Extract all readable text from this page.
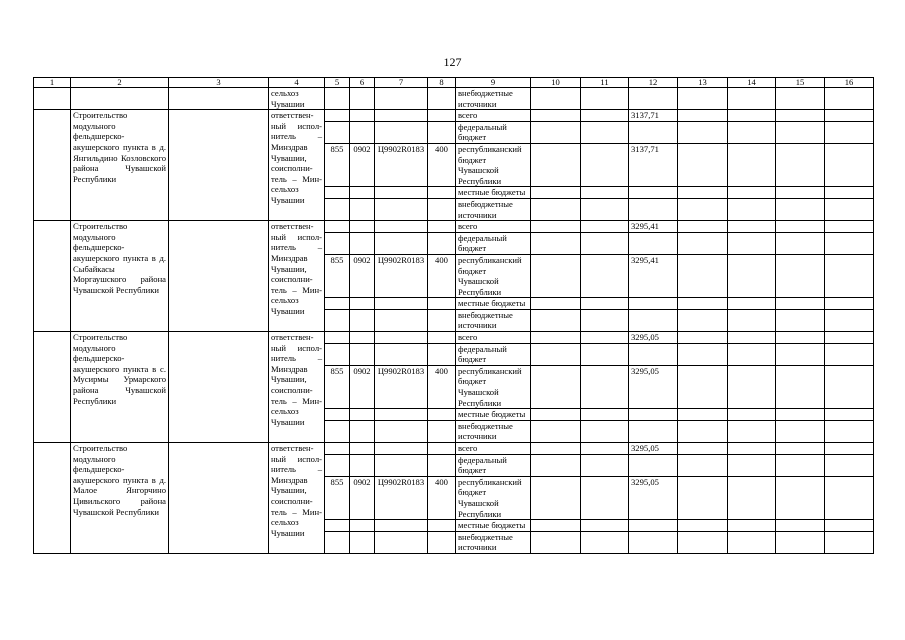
127
1	2	3	4	5	6	7	8	9	10	11	12	13	14	15	16
			сельхоз Чувашии					внебюджетные источники							
	Строительство модульного фельдшерско-акушерского пункта в д. Янгильдино Козловского района Чувашской Республики		ответствен-ный испол-нитель – Минздрав Чувашии, соисполни-тель – Мин-сельхоз Чувашии					всего			3137,71				
								федеральный бюджет							
				855	0902	Ц9902R0183	400	республиканский бюджет Чувашской Республики			3137,71				
								местные бюджеты							
								внебюджетные источники							
	Строительство модульного фельдшерско-акушерского пункта в д. Сыбайкасы Моргаушского района Чувашской Республики		ответствен-ный испол-нитель – Минздрав Чувашии, соисполни-тель – Мин-сельхоз Чувашии					всего			3295,41				
								федеральный бюджет							
				855	0902	Ц9902R0183	400	республиканский бюджет Чувашской Республики			3295,41				
								местные бюджеты							
								внебюджетные источники							
	Строительство модульного фельдшерско-акушерского пункта в с. Мусирмы Урмарского района Чувашской Республики		ответствен-ный испол-нитель – Минздрав Чувашии, соисполни-тель – Мин-сельхоз Чувашии					всего			3295,05				
								федеральный бюджет							
				855	0902	Ц9902R0183	400	республиканский бюджет Чувашской Республики			3295,05				
								местные бюджеты							
								внебюджетные источники							
	Строительство модульного фельдшерско-акушерского пункта в д. Малое Янгорчино Цивильского района Чувашской Республики		ответствен-ный испол-нитель – Минздрав Чувашии, соисполни-тель – Мин-сельхоз Чувашии					всего			3295,05				
								федеральный бюджет							
				855	0902	Ц9902R0183	400	республиканский бюджет Чувашской Республики			3295,05				
								местные бюджеты							
								внебюджетные источники							
